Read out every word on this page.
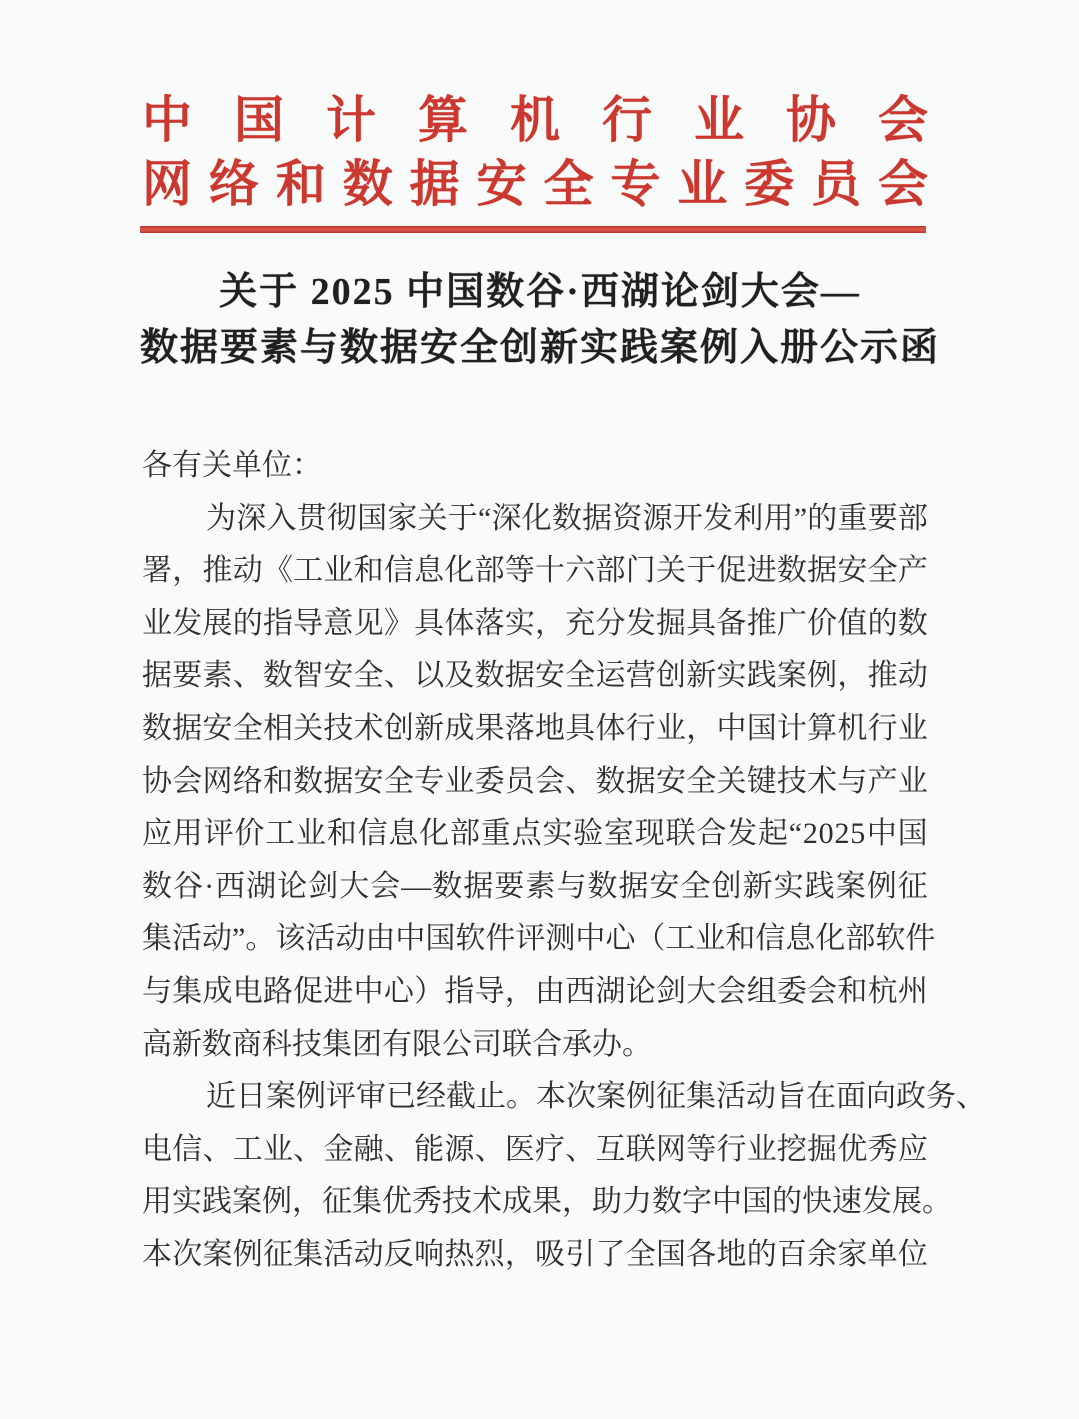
中 国 计 算 机 行 业 协 会
网 络 和 数 据 安 全 专 业 委 员 会
关于 2025 中国数谷·西湖论剑大会—
数据要素与数据安全创新实践案例入册公示函
各有关单位：
为 深 入 贯 彻 国 家 关 于 “ 深 化 数 据 资 源 开 发 利 用 ” 的 重 要 部
署 ， 推 动 《 工 业 和 信 息 化 部 等 十 六 部 门 关 于 促 进 数 据 安 全 产
业 发 展 的 指 导 意 见 》 具 体 落 实 ， 充 分 发 掘 具 备 推 广 价 值 的 数
据 要 素 、 数 智 安 全 、 以 及 数 据 安 全 运 营 创 新 实 践 案 例 ， 推 动
数 据 安 全 相 关 技 术 创 新 成 果 落 地 具 体 行 业 ， 中 国 计 算 机 行 业
协 会 网 络 和 数 据 安 全 专 业 委 员 会 、 数 据 安 全 关 键 技 术 与 产 业
应 用 评 价 工 业 和 信 息 化 部 重 点 实 验 室 现 联 合 发 起 “ 2 0 2 5 中 国
数 谷 · 西 湖 论 剑 大 会 — 数 据 要 素 与 数 据 安 全 创 新 实 践 案 例 征
集 活 动 ” 。 该 活 动 由 中 国 软 件 评 测 中 心 （ 工 业 和 信 息 化 部 软 件
与 集 成 电 路 促 进 中 心 ） 指 导 ， 由 西 湖 论 剑 大 会 组 委 会 和 杭 州
高新数商科技集团有限公司联合承办。
近 日 案 例 评 审 已 经 截 止 。 本 次 案 例 征 集 活 动 旨 在 面 向 政 务 、
电 信 、 工 业 、 金 融 、 能 源 、 医 疗 、 互 联 网 等 行 业 挖 掘 优 秀 应
用 实 践 案 例 ， 征 集 优 秀 技 术 成 果 ， 助 力 数 字 中 国 的 快 速 发 展 。
本 次 案 例 征 集 活 动 反 响 热 烈 ， 吸 引 了 全 国 各 地 的 百 余 家 单 位
